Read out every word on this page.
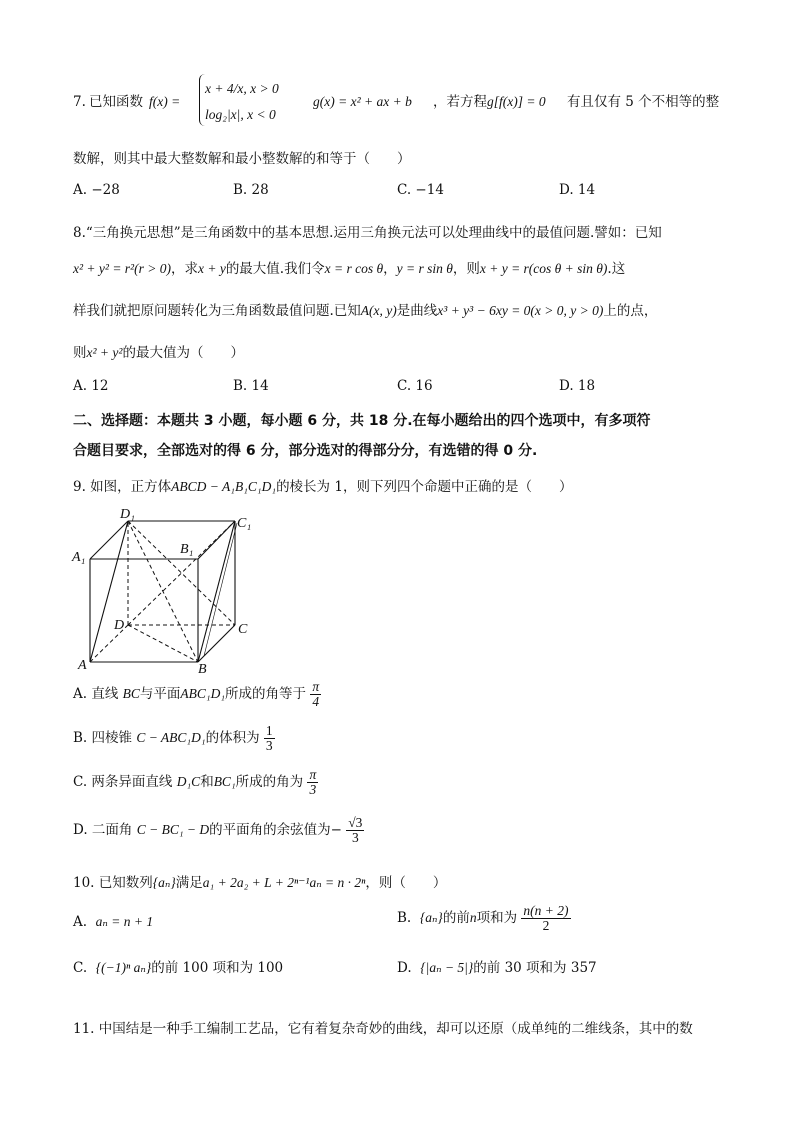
7. 已知函数 f(x) =
x + 4/x, x > 0
log₂|x|, x < 0
g(x) = x² + ax + b ，若方程 g[f(x)] = 0 有且仅有 5 个不相等的整
数解，则其中最大整数解和最小整数解的和等于（　　）
A. −28	B. 28	C. −14	D. 14
8.“三角换元思想”是三角函数中的基本思想.运用三角换元法可以处理曲线中的最值问题.譬如：已知
x² + y² = r²(r > 0)，求x + y的最大值.我们令x = r cos θ，y = r sin θ，则x + y = r(cos θ + sin θ).这
样我们就把原问题转化为三角函数最值问题.已知A(x, y)是曲线x³ + y³ − 6xy = 0(x > 0, y > 0)上的点，
则x² + y²的最大值为（　　）
A. 12	B. 14	C. 16	D. 18
二、选择题：本题共 3 小题，每小题 6 分，共 18 分.在每小题给出的四个选项中，有多项符
合题目要求，全部选对的得 6 分，部分选对的得部分分，有选错的得 0 分.
9. 如图，正方体ABCD − A₁B₁C₁D₁的棱长为 1，则下列四个命题中正确的是（　　）
D₁
C₁
B₁
A₁
D	C
A	B
A. 直线 BC与平面ABC₁D₁所成的角等于 $\frac{\pi}{4}$
B. 四棱锥 C − ABC₁D₁的体积为 $\frac{1}{3}$
C. 两条异面直线 D₁C和BC₁所成的角为 $\frac{\pi}{3}$
D. 二面角 C − BC₁ − D的平面角的余弦值为− $\frac{√3}{3}$
10. 已知数列{aₙ}满足a₁ + 2a₂ + L + 2ⁿ⁻¹aₙ = n · 2ⁿ，则（　　）
A. aₙ = n + 1	B. {aₙ}的前n项和为 $\frac{n(n + 2)}{2}$
C. {(−1)ⁿ aₙ}的前 100 项和为 100	D. {|aₙ − 5|}的前 30 项和为 357
11. 中国结是一种手工编制工艺品，它有着复杂奇妙的曲线，却可以还原（成单纯的二维线条，其中的数
